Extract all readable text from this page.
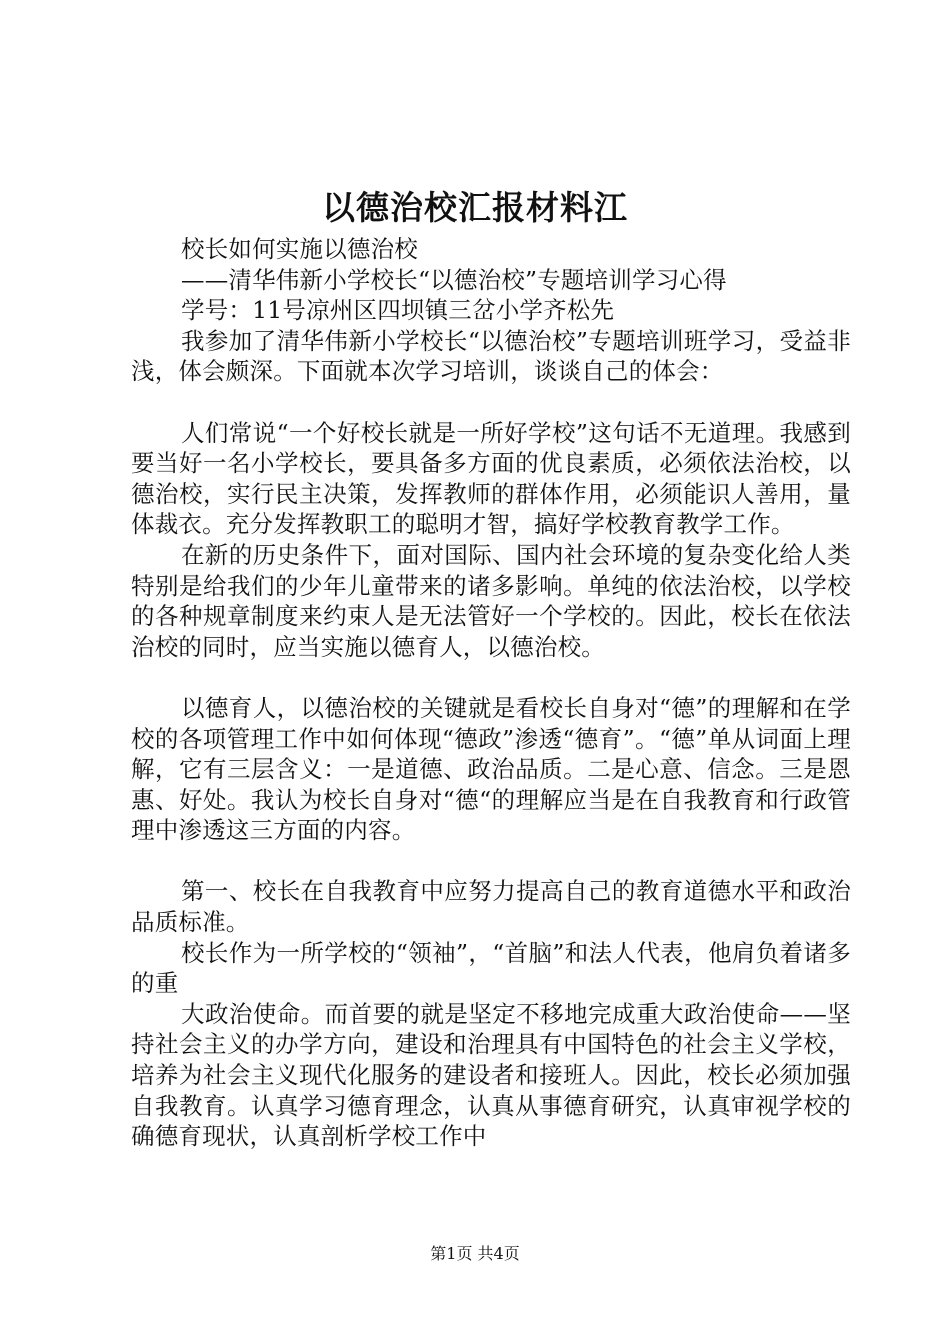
以德治校汇报材料江

校长如何实施以德治校

——清华伟新小学校长“以德治校”专题培训学习心得

学号：11号凉州区四坝镇三岔小学齐松先

我参加了清华伟新小学校长“以德治校”专题培训班学习，受益非浅，体会颇深。下面就本次学习培训，谈谈自己的体会：

人们常说“一个好校长就是一所好学校”这句话不无道理。我感到要当好一名小学校长，要具备多方面的优良素质，必须依法治校，以德治校，实行民主决策，发挥教师的群体作用，必须能识人善用，量体裁衣。充分发挥教职工的聪明才智，搞好学校教育教学工作。

在新的历史条件下，面对国际、国内社会环境的复杂变化给人类特别是给我们的少年儿童带来的诸多影响。单纯的依法治校，以学校的各种规章制度来约束人是无法管好一个学校的。因此，校长在依法治校的同时，应当实施以德育人，以德治校。

以德育人，以德治校的关键就是看校长自身对“德”的理解和在学校的各项管理工作中如何体现“德政”渗透“德育”。“德”单从词面上理解，它有三层含义：一是道德、政治品质。二是心意、信念。三是恩惠、好处。我认为校长自身对“德“的理解应当是在自我教育和行政管理中渗透这三方面的内容。

第一、校长在自我教育中应努力提高自己的教育道德水平和政治品质标准。

校长作为一所学校的“领袖”，“首脑”和法人代表，他肩负着诸多的重

大政治使命。而首要的就是坚定不移地完成重大政治使命——坚持社会主义的办学方向，建设和治理具有中国特色的社会主义学校，培养为社会主义现代化服务的建设者和接班人。因此，校长必须加强自我教育。认真学习德育理念，认真从事德育研究，认真审视学校的确德育现状，认真剖析学校工作中

第1页 共4页
